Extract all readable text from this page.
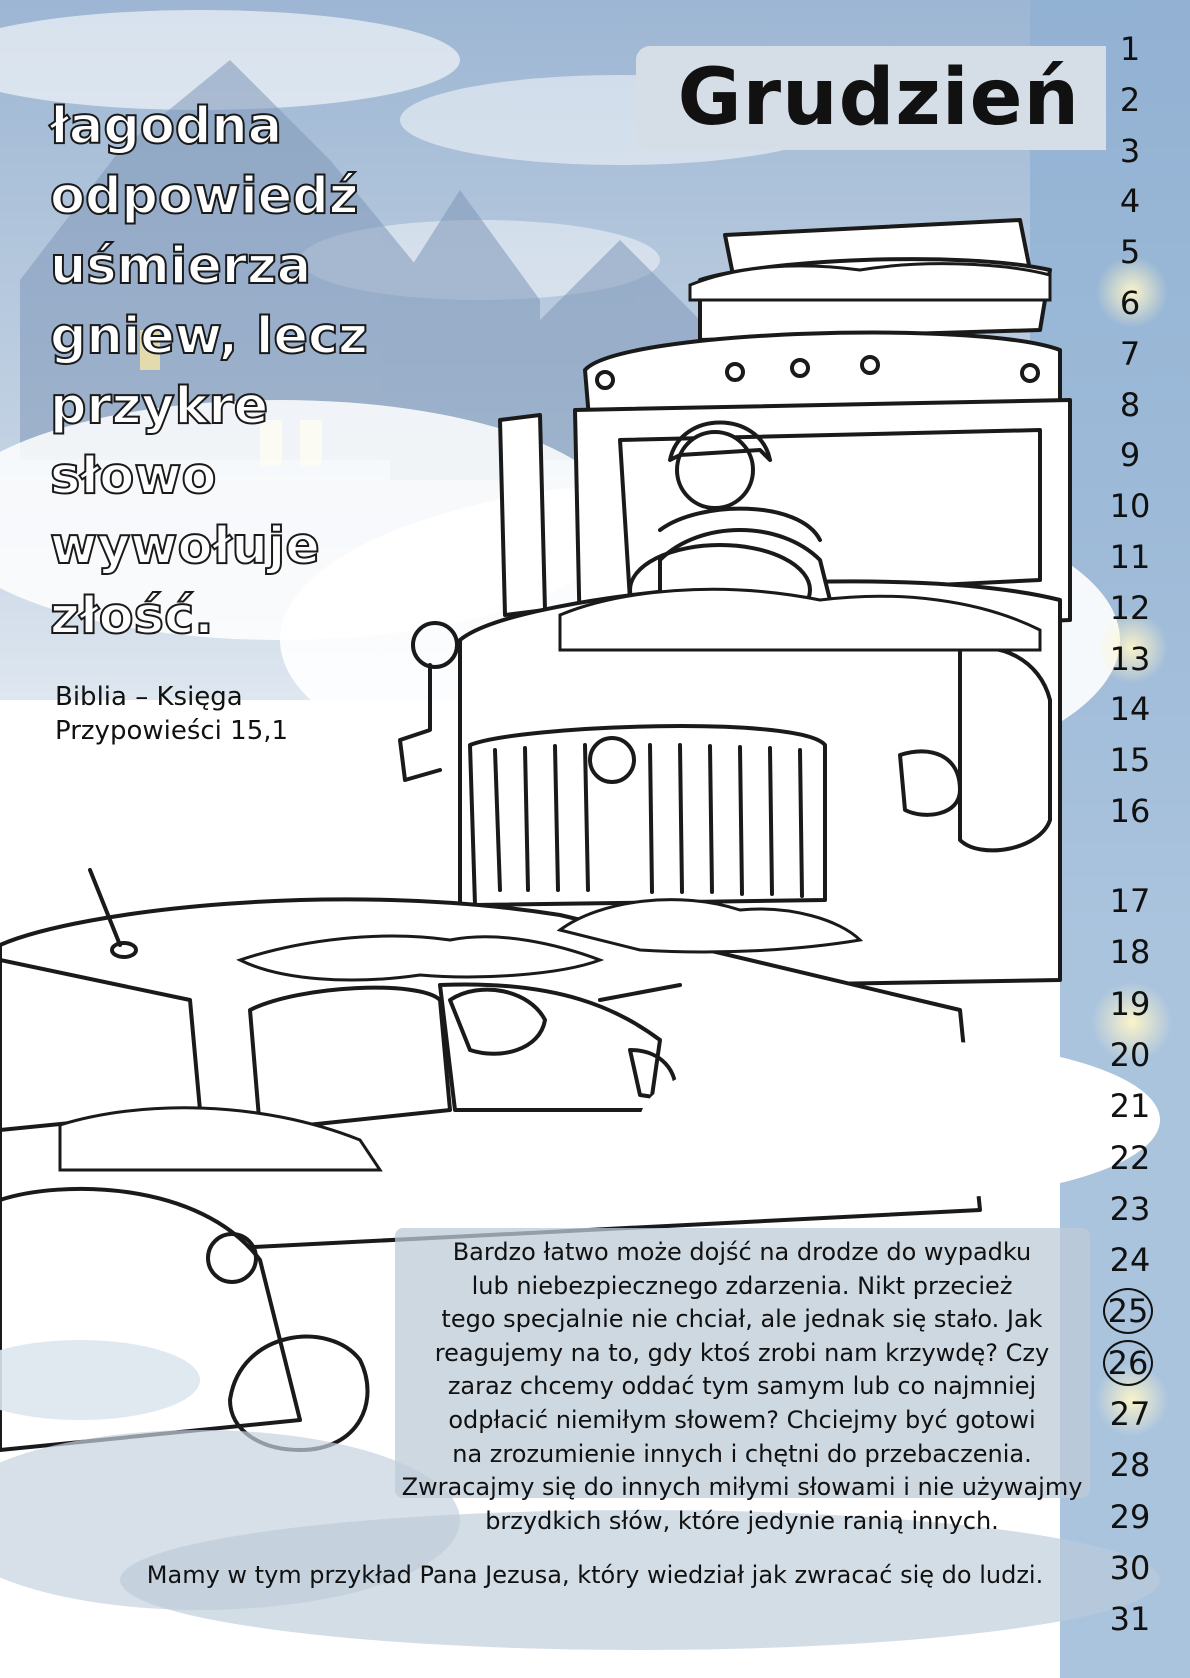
Grudzień
łagodna
odpowiedź
uśmierza
gniew, lecz
przykre
słowo
wywołuje
złość.
Biblia – Księga
Przypowieści 15,1
1
2
3
4
5
6
7
8
9
10
11
12
13
14
15
16
17
18
19
20
21
22
23
24
25
26
27
28
29
30
31
Bardzo łatwo może dojść na drodze do wypadku
lub niebezpiecznego zdarzenia. Nikt przecież
tego specjalnie nie chciał, ale jednak się stało. Jak
reagujemy na to, gdy ktoś zrobi nam krzywdę? Czy
zaraz chcemy oddać tym samym lub co najmniej
odpłacić niemiłym słowem? Chciejmy być gotowi
na zrozumienie innych i chętni do przebaczenia.
Zwracajmy się do innych miłymi słowami i nie używajmy
brzydkich słów, które jedynie ranią innych.
Mamy w tym przykład Pana Jezusa, który wiedział jak zwracać się do ludzi.
